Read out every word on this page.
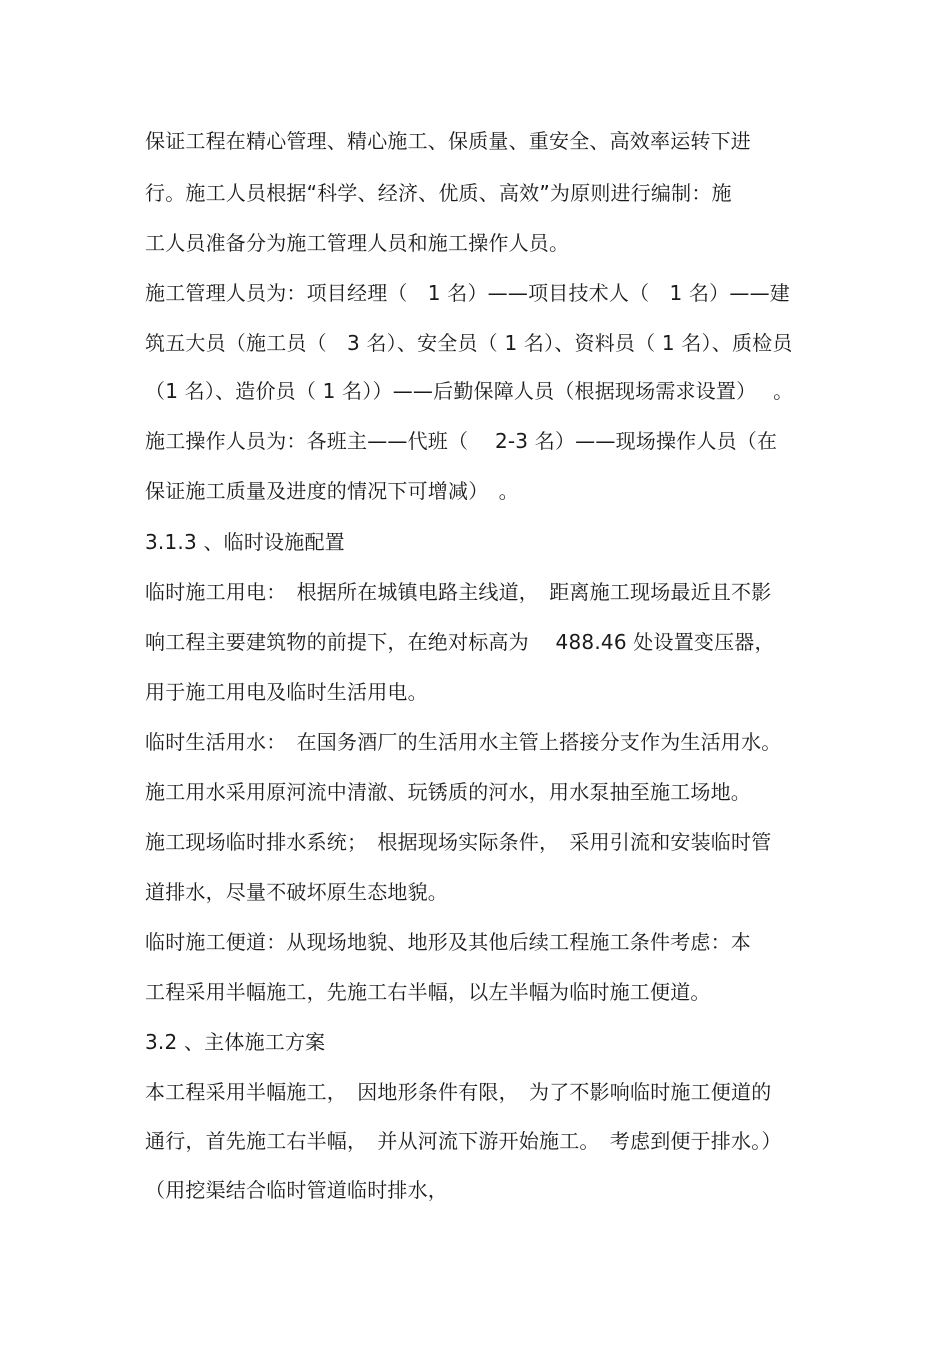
保证工程在精心管理、精心施工、保质量、重安全、高效率运转下进
行。施工人员根据“科学、经济、优质、高效”为原则进行编制：施
工人员准备分为施工管理人员和施工操作人员。
施工管理人员为：项目经理（　1 名）——项目技术人（　1 名）——建
筑五大员（施工员（　3 名）、安全员（ 1 名）、资料员（ 1 名）、质检员
（1 名）、造价员（ 1 名））——后勤保障人员（根据现场需求设置）　 。
施工操作人员为：各班主——代班（　 2-3 名）——现场操作人员（在
保证施工质量及进度的情况下可增减）　。
3.1.3 、临时设施配置
临时施工用电：　根据所在城镇电路主线道，　距离施工现场最近且不影
响工程主要建筑物的前提下，在绝对标高为　 488.46 处设置变压器，
用于施工用电及临时生活用电。
临时生活用水：　在国务酒厂的生活用水主管上搭接分支作为生活用水。
施工用水采用原河流中清澈、玩锈质的河水，用水泵抽至施工场地。
施工现场临时排水系统；　根据现场实际条件，　采用引流和安装临时管
道排水，尽量不破坏原生态地貌。
临时施工便道：从现场地貌、地形及其他后续工程施工条件考虑：本
工程采用半幅施工，先施工右半幅，以左半幅为临时施工便道。
3.2 、主体施工方案
本工程采用半幅施工，　因地形条件有限，　为了不影响临时施工便道的
通行，首先施工右半幅，　并从河流下游开始施工。　考虑到便于排水。）
（用挖渠结合临时管道临时排水，
